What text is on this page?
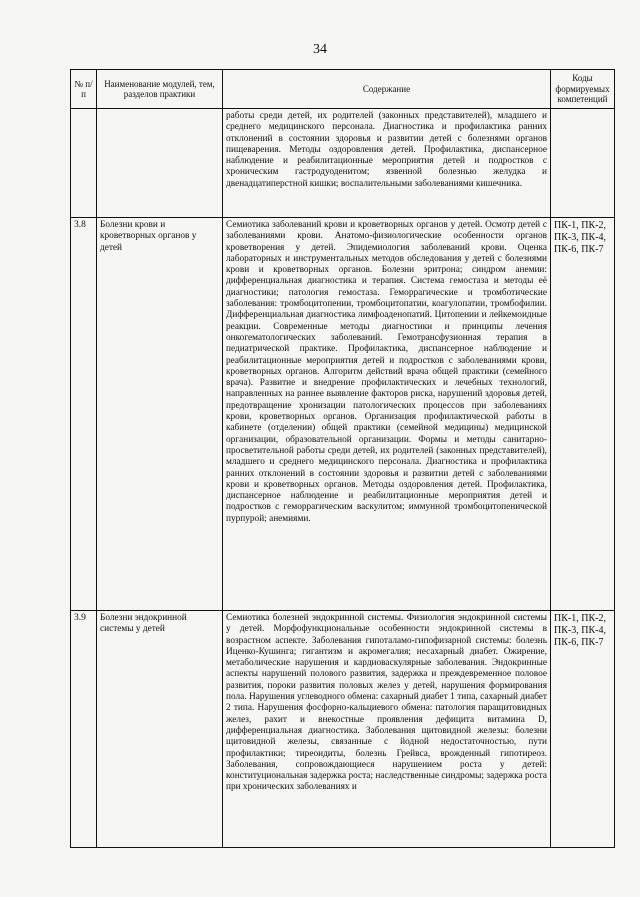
34
№ п/п	Наименование модулей, тем, разделов практики	Содержание	Коды формируемых компетенций
		работы среди детей, их родителей (законных представителей), младшего и среднего медицинского персонала. Диагностика и профилактика ранних отклонений в состоянии здоровья и развитии детей с болезнями органов пищеварения. Методы оздоровления детей. Профилактика, диспансерное наблюдение и реабилитационные мероприятия детей и подростков с хроническим гастродуоденитом; язвенной болезнью желудка и двенадцатиперстной кишки; воспалительными заболеваниями кишечника.	
3.8	Болезни крови и кроветворных органов у детей	Семиотика заболеваний крови и кроветворных органов у детей. Осмотр детей с заболеваниями крови. Анатомо-физиологические особенности органов кроветворения у детей. Эпидемиология заболеваний крови. Оценка лабораторных и инструментальных методов обследования у детей с болезнями крови и кроветворных органов. Болезни эритрона; синдром анемии: дифференциальная диагностика и терапия. Система гемостаза и методы её диагностики; патология гемостаза. Геморрагические и тромботические заболевания: тромбоцитопении, тромбоцитопатии, коагулопатии, тромбофилии. Дифференциальная диагностика лимфоаденопатий. Цитопении и лейкемоидные реакции. Современные методы диагностики и принципы лечения онкогематологических заболеваний. Гемотрансфузионная терапия в педиатрической практике. Профилактика, диспансерное наблюдение и реабилитационные мероприятия детей и подростков с заболеваниями крови, кроветворных органов. Алгоритм действий врача общей практики (семейного врача). Развитие и внедрение профилактических и лечебных технологий, направленных на раннее выявление факторов риска, нарушений здоровья детей, предотвращение хронизации патологических процессов при заболеваниях крови, кроветворных органов. Организация профилактической работы в кабинете (отделении) общей практики (семейной медицины) медицинской организации, образовательной организации. Формы и методы санитарно-просветительной работы среди детей, их родителей (законных представителей), младшего и среднего медицинского персонала. Диагностика и профилактика ранних отклонений в состоянии здоровья и развитии детей с заболеваниями крови и кроветворных органов. Методы оздоровления детей. Профилактика, диспансерное наблюдение и реабилитационные мероприятия детей и подростков с геморрагическим васкулитом; иммунной тромбоцитопенической пурпурой; анемиями.	ПК-1, ПК-2, ПК-3, ПК-4, ПК-6, ПК-7
3.9	Болезни эндокринной системы у детей	Семиотика болезней эндокринной системы. Физиология эндокринной системы у детей. Морфофункциональные особенности эндокринной системы в возрастном аспекте. Заболевания гипоталамо-гипофизарной системы: болезнь Иценко-Кушинга; гигантизм и акромегалия; несахарный диабет. Ожирение, метаболические нарушения и кардиоваскулярные заболевания. Эндокринные аспекты нарушений полового развития, задержка и преждевременное половое развития, пороки развития половых желез у детей, нарушения формирования пола. Нарушения углеводного обмена: сахарный диабет 1 типа, сахарный диабет 2 типа. Нарушения фосфорно-кальциевого обмена: патология паращитовидных желез, рахит и внекостные проявления дефицита витамина D, дифференциальная диагностика. Заболевания щитовидной железы: болезни щитовидной железы, связанные с йодной недостаточностью, пути профилактики; тиреоидиты, болезнь Грейвса, врожденный гипотиреоз. Заболевания, сопровождающиеся нарушением роста у детей: конституциональная задержка роста; наследственные синдромы; задержка роста при хронических заболеваниях и	ПК-1, ПК-2, ПК-3, ПК-4, ПК-6, ПК-7
